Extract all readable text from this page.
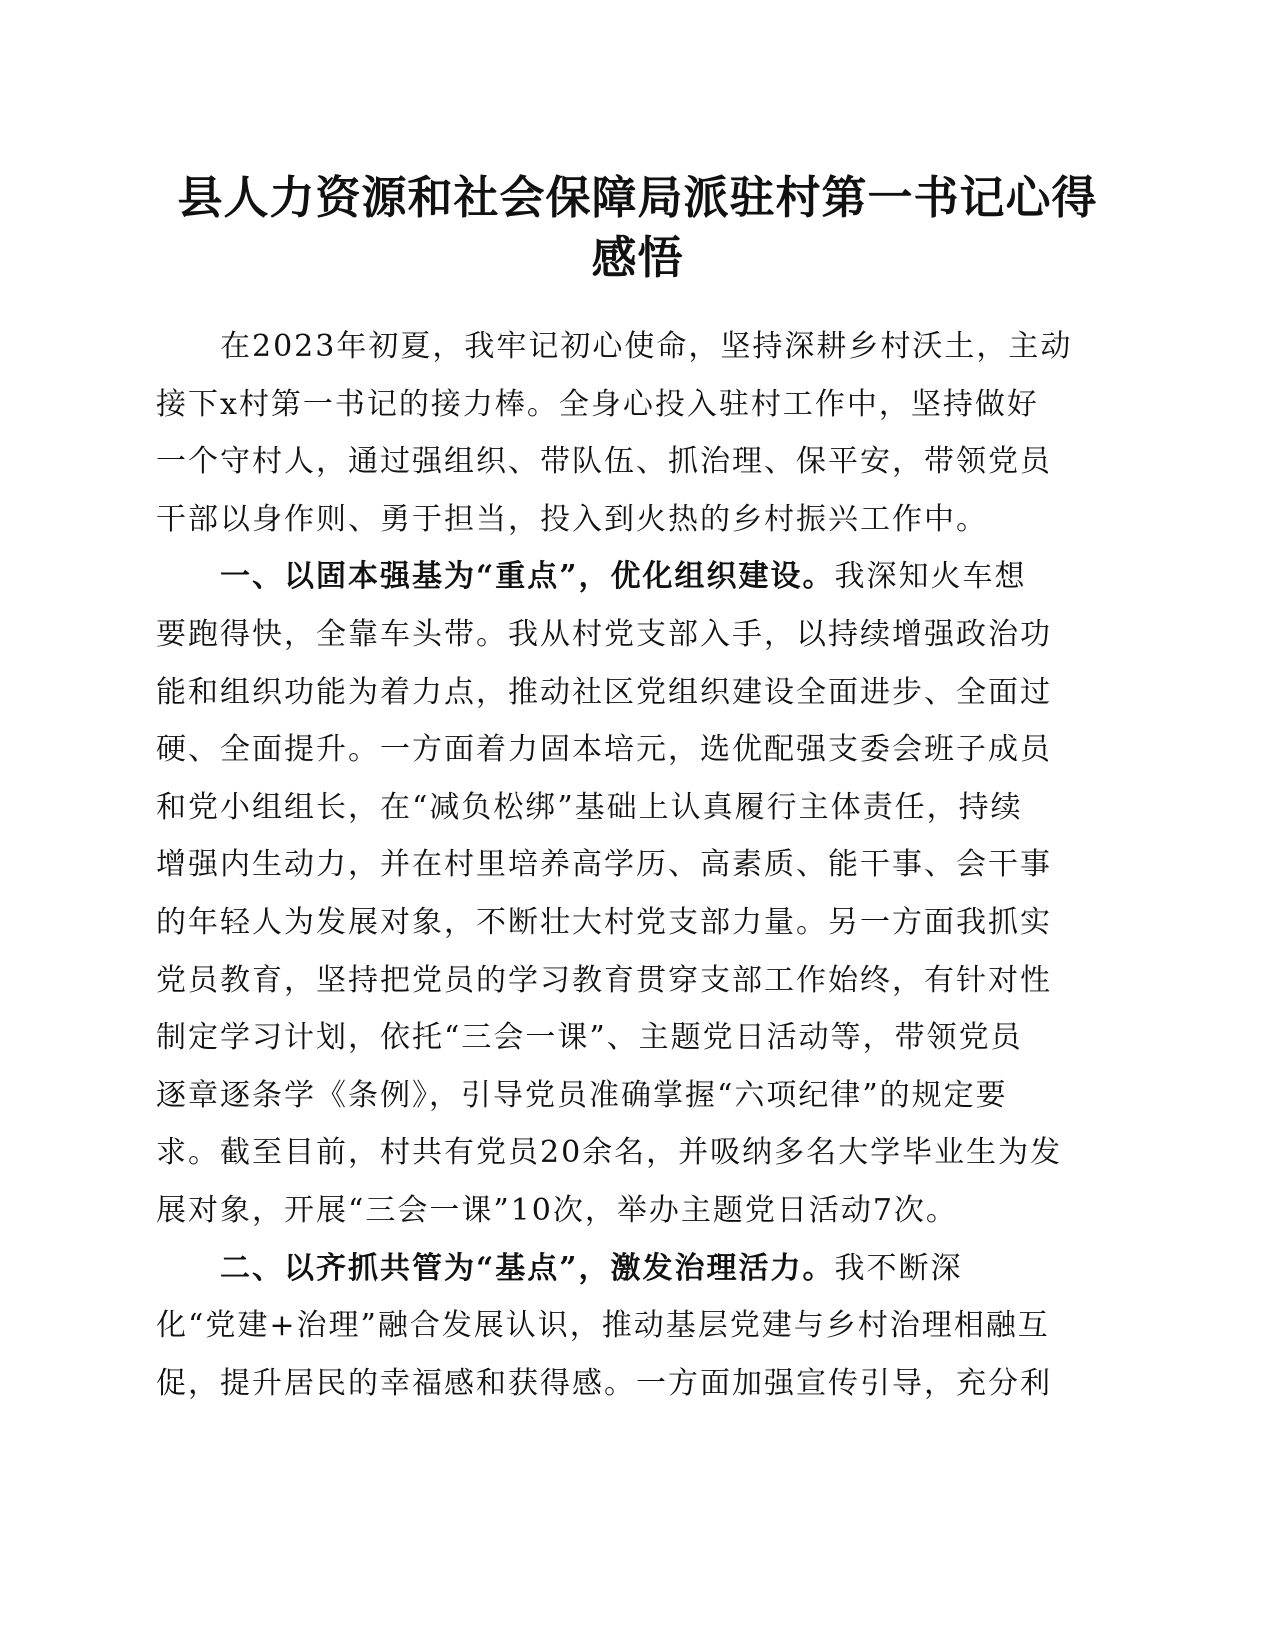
县人力资源和社会保障局派驻村第一书记心得
感悟
在2023年初夏，我牢记初心使命，坚持深耕乡村沃土，主动
接下x村第一书记的接力棒。全身心投入驻村工作中，坚持做好
一个守村人，通过强组织、带队伍、抓治理、保平安，带领党员
干部以身作则、勇于担当，投入到火热的乡村振兴工作中。
一、以固本强基为“重点”，优化组织建设。我深知火车想
要跑得快，全靠车头带。我从村党支部入手，以持续增强政治功
能和组织功能为着力点，推动社区党组织建设全面进步、全面过
硬、全面提升。一方面着力固本培元，选优配强支委会班子成员
和党小组组长，在“减负松绑”基础上认真履行主体责任，持续
增强内生动力，并在村里培养高学历、高素质、能干事、会干事
的年轻人为发展对象，不断壮大村党支部力量。另一方面我抓实
党员教育，坚持把党员的学习教育贯穿支部工作始终，有针对性
制定学习计划，依托“三会一课”、主题党日活动等，带领党员
逐章逐条学《条例》，引导党员准确掌握“六项纪律”的规定要
求。截至目前，村共有党员20余名，并吸纳多名大学毕业生为发
展对象，开展“三会一课”10次，举办主题党日活动7次。
二、以齐抓共管为“基点”，激发治理活力。我不断深
化“党建+治理”融合发展认识，推动基层党建与乡村治理相融互
促，提升居民的幸福感和获得感。一方面加强宣传引导，充分利
